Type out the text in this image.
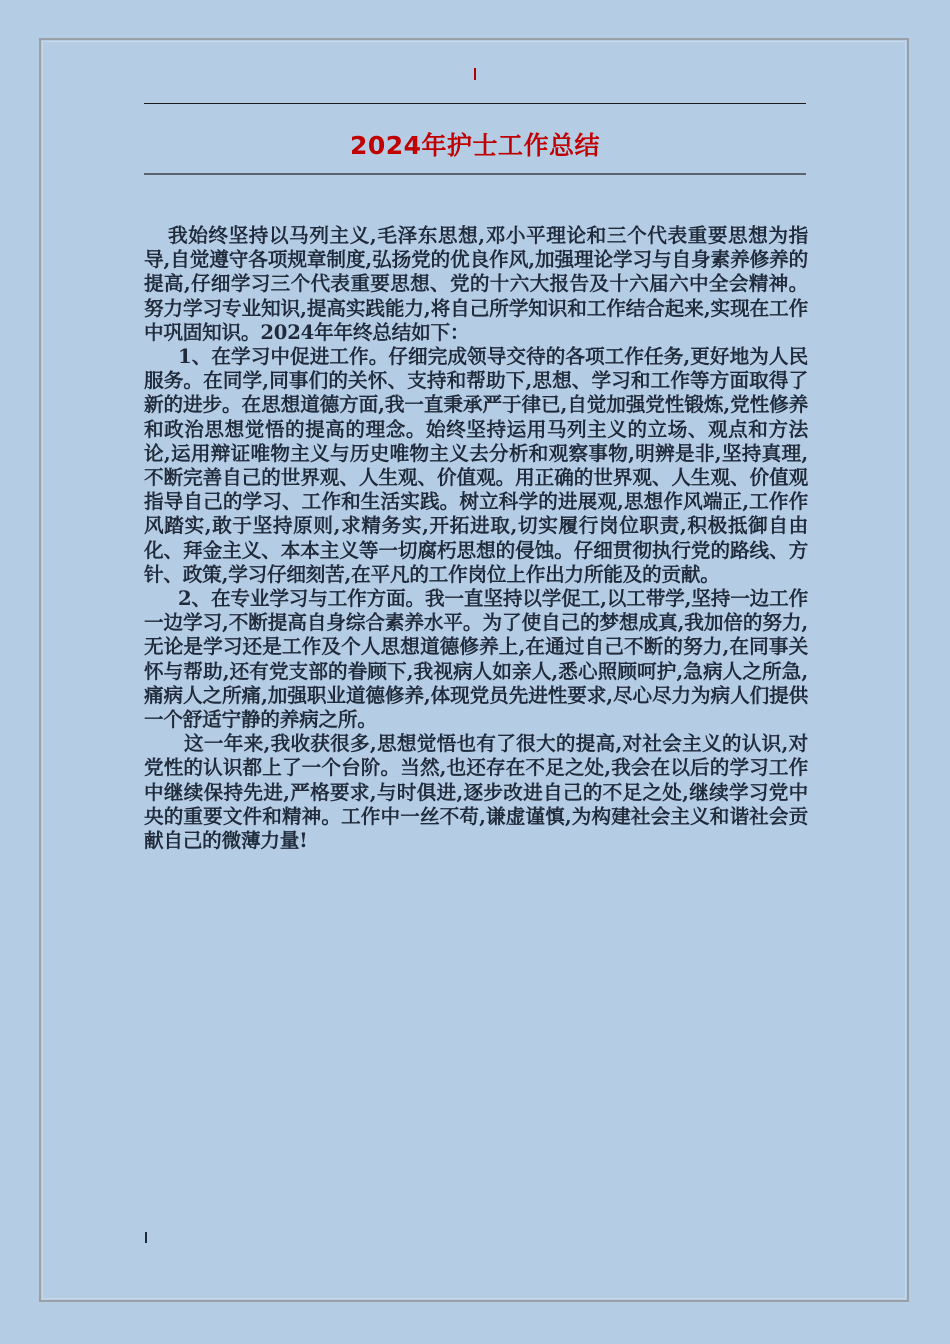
2024年护士工作总结

我始终坚持以马列主义,毛泽东思想,邓小平理论和三个代表重要思想为指导,自觉遵守各项规章制度,弘扬党的优良作风,加强理论学习与自身素养修养的提高,仔细学习三个代表重要思想、党的十六大报告及十六届六中全会精神。努力学习专业知识,提高实践能力,将自己所学知识和工作结合起来,实现在工作中巩固知识。2024年年终总结如下：

1、在学习中促进工作。仔细完成领导交待的各项工作任务,更好地为人民服务。在同学,同事们的关怀、支持和帮助下,思想、学习和工作等方面取得了新的进步。在思想道德方面,我一直秉承严于律已,自觉加强党性锻炼,党性修养和政治思想觉悟的提高的理念。始终坚持运用马列主义的立场、观点和方法论,运用辩证唯物主义与历史唯物主义去分析和观察事物,明辨是非,坚持真理,不断完善自己的世界观、人生观、价值观。用正确的世界观、人生观、价值观指导自己的学习、工作和生活实践。树立科学的进展观,思想作风端正,工作作风踏实,敢于坚持原则,求精务实,开拓进取,切实履行岗位职责,积极抵御自由化、拜金主义、本本主义等一切腐朽思想的侵蚀。仔细贯彻执行党的路线、方针、政策,学习仔细刻苦,在平凡的工作岗位上作出力所能及的贡献。

2、在专业学习与工作方面。我一直坚持以学促工,以工带学,坚持一边工作一边学习,不断提高自身综合素养水平。为了使自己的梦想成真,我加倍的努力,无论是学习还是工作及个人思想道德修养上,在通过自己不断的努力,在同事关怀与帮助,还有党支部的眷顾下,我视病人如亲人,悉心照顾呵护,急病人之所急,痛病人之所痛,加强职业道德修养,体现党员先进性要求,尽心尽力为病人们提供一个舒适宁静的养病之所。

这一年来,我收获很多,思想觉悟也有了很大的提高,对社会主义的认识,对党性的认识都上了一个台阶。当然,也还存在不足之处,我会在以后的学习工作中继续保持先进,严格要求,与时俱进,逐步改进自己的不足之处,继续学习党中央的重要文件和精神。工作中一丝不苟,谦虚谨慎,为构建社会主义和谐社会贡献自己的微薄力量!
